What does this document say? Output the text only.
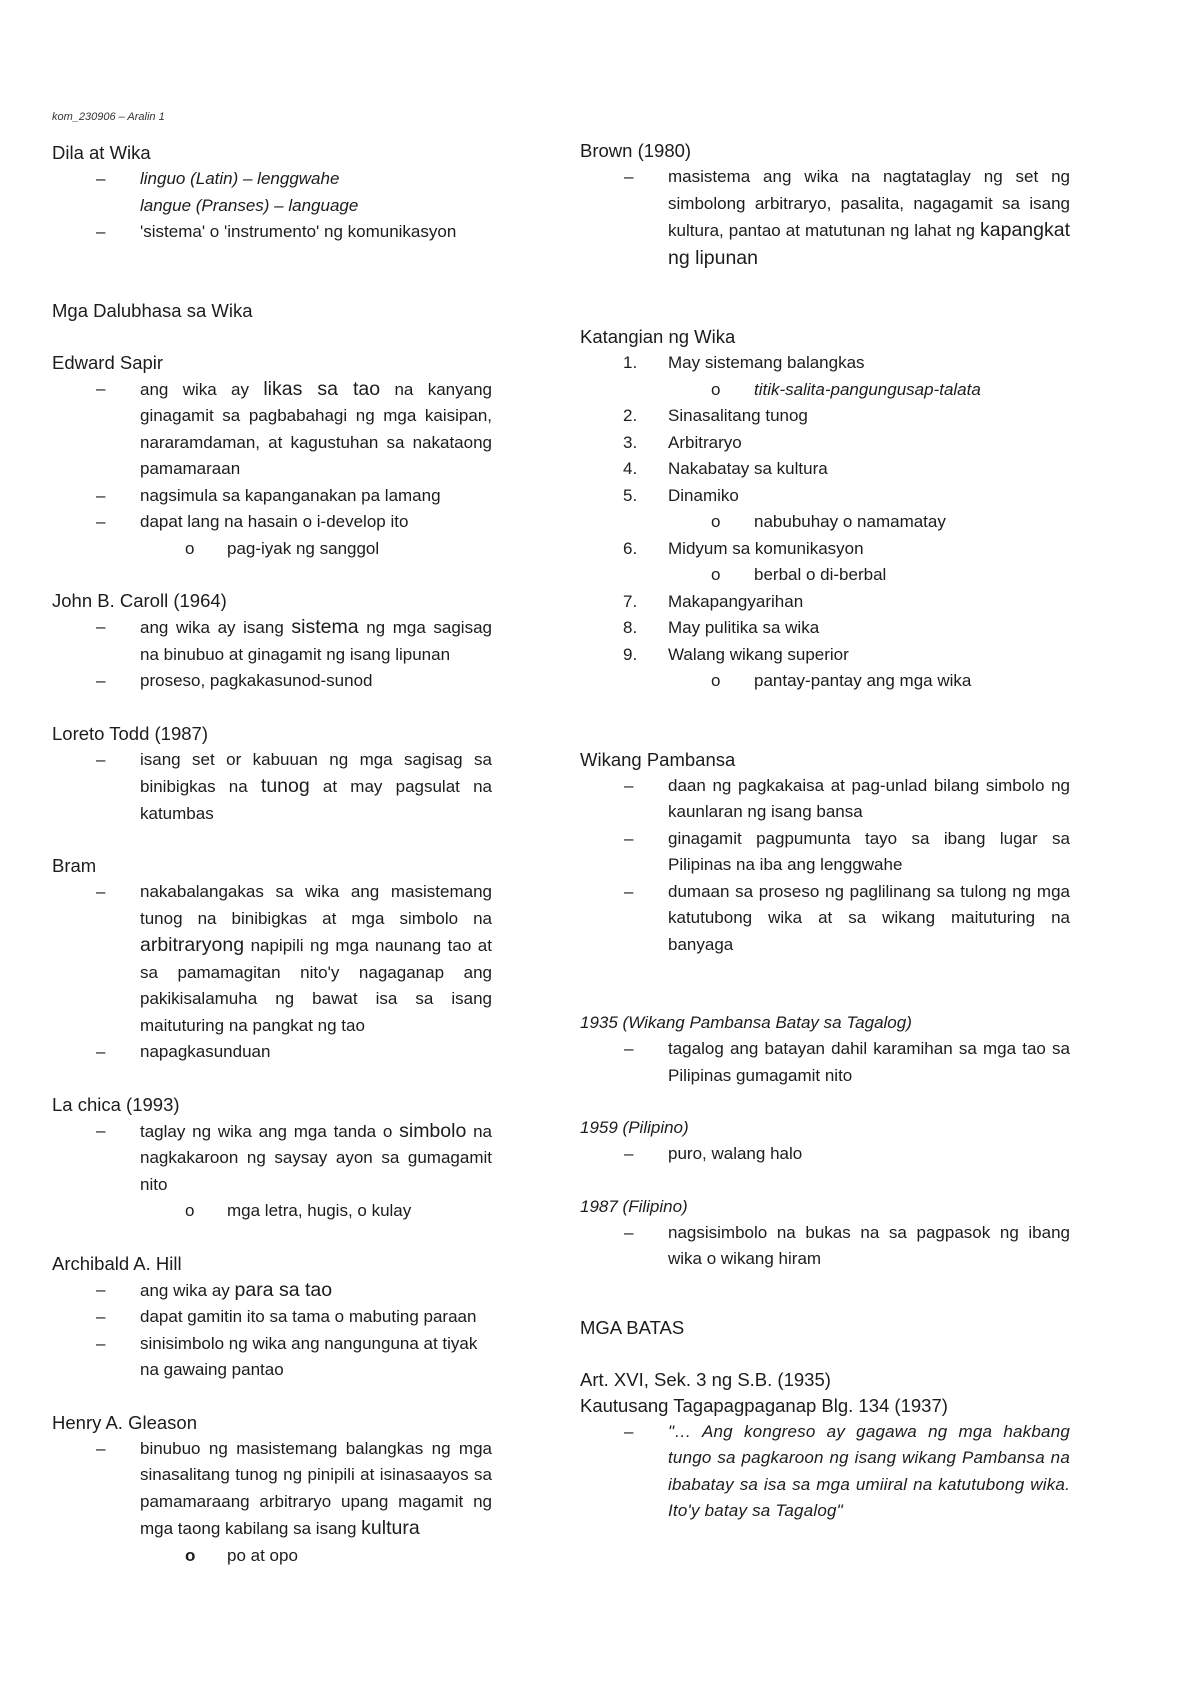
kom_230906 – Aralin 1
Dila at Wika
–	linguo (Latin) – lenggwahe
langue (Pranses) – language
–	'sistema' o 'instrumento' ng komunikasyon
Mga Dalubhasa sa Wika
Edward Sapir
–	ang wika ay likas sa tao na kanyang ginagamit sa pagbabahagi ng mga kaisipan, nararamdaman, at kagustuhan sa nakataong pamamaraan
–	nagsimula sa kapanganakan pa lamang
–	dapat lang na hasain o i-develop ito
o pag-iyak ng sanggol
John B. Caroll (1964)
–	ang wika ay isang sistema ng mga sagisag na binubuo at ginagamit ng isang lipunan
–	proseso, pagkakasunod-sunod
Loreto Todd (1987)
–	isang set or kabuuan ng mga sagisag sa binibigkas na tunog at may pagsulat na katumbas
Bram
–	nakabalangakas sa wika ang masistemang tunog na binibigkas at mga simbolo na arbitraryong napipili ng mga naunang tao at sa pamamagitan nito'y nagaganap ang pakikisalamuha ng bawat isa sa isang maituturing na pangkat ng tao
–	napagkasunduan
La chica (1993)
–	taglay ng wika ang mga tanda o simbolo na nagkakaroon ng saysay ayon sa gumagamit nito
o mga letra, hugis, o kulay
Archibald A. Hill
–	ang wika ay para sa tao
–	dapat gamitin ito sa tama o mabuting paraan
–	sinisimbolo ng wika ang nangunguna at tiyak na gawaing pantao
Henry A. Gleason
–	binubuo ng masistemang balangkas ng mga sinasalitang tunog ng pinipili at isinasaayos sa pamamaraang arbitraryo upang magamit ng mga taong kabilang sa isang kultura
o po at opo
Brown (1980)
–	masistema ang wika na nagtataglay ng set ng simbolong arbitraryo, pasalita, nagagamit sa isang kultura, pantao at matutunan ng lahat ng kapangkat ng lipunan
Katangian ng Wika
1.	May sistemang balangkas
o titik-salita-pangungusap-talata
2.	Sinasalitang tunog
3.	Arbitraryo
4.	Nakabatay sa kultura
5.	Dinamiko
o nabubuhay o namamatay
6.	Midyum sa komunikasyon
o berbal o di-berbal
7.	Makapangyarihan
8.	May pulitika sa wika
9.	Walang wikang superior
o pantay-pantay ang mga wika
Wikang Pambansa
–	daan ng pagkakaisa at pag-unlad bilang simbolo ng kaunlaran ng isang bansa
–	ginagamit pagpumunta tayo sa ibang lugar sa Pilipinas na iba ang lenggwahe
–	dumaan sa proseso ng paglilinang sa tulong ng mga katutubong wika at sa wikang maituturing na banyaga
1935 (Wikang Pambansa Batay sa Tagalog)
–	tagalog ang batayan dahil karamihan sa mga tao sa Pilipinas gumagamit nito
1959 (Pilipino)
–	puro, walang halo
1987 (Filipino)
–	nagsisimbolo na bukas na sa pagpasok ng ibang wika o wikang hiram
MGA BATAS
Art. XVI, Sek. 3 ng S.B. (1935)
Kautusang Tagapagpaganap Blg. 134 (1937)
–	"… Ang kongreso ay gagawa ng mga hakbang tungo sa pagkaroon ng isang wikang Pambansa na ibabatay sa isa sa mga umiiral na katutubong wika. Ito'y batay sa Tagalog"
